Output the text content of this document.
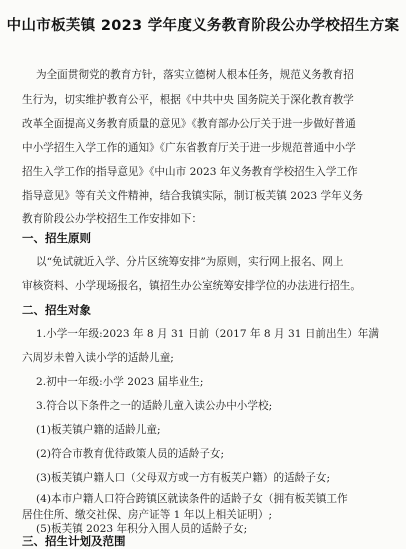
中山市板芙镇 2023 学年度义务教育阶段公办学校招生方案
为全面贯彻党的教育方针，落实立德树人根本任务，规范义务教育招
生行为，切实维护教育公平，根据《中共中央 国务院关于深化教育教学
改革全面提高义务教育质量的意见》《教育部办公厅关于进一步做好普通
中小学招生入学工作的通知》《广东省教育厅关于进一步规范普通中小学
招生入学工作的指导意见》《中山市 2023 年义务教育学校招生入学工作
指导意见》等有关文件精神，结合我镇实际，制订板芙镇 2023 学年义务
教育阶段公办学校招生工作安排如下：
一、招生原则
以“免试就近入学、分片区统筹安排”为原则，实行网上报名、网上
审核资料、小学现场报名，镇招生办公室统筹安排学位的办法进行招生。
二、招生对象
1.小学一年级:2023 年 8 月 31 日前（2017 年 8 月 31 日前出生）年满
六周岁未曾入读小学的适龄儿童;
2.初中一年级:小学 2023 届毕业生;
3.符合以下条件之一的适龄儿童入读公办中小学校;
(1)板芙镇户籍的适龄儿童;
(2)符合市教育优待政策人员的适龄子女;
(3)板芙镇户籍人口（父母双方或一方有板芙户籍）的适龄子女;
(4)本市户籍人口符合跨镇区就读条件的适龄子女（拥有板芙镇工作
居住住所、缴交社保、房产证等 1 年以上相关证明）;
(5)板芙镇 2023 年积分入围人员的适龄子女;
三、招生计划及范围
